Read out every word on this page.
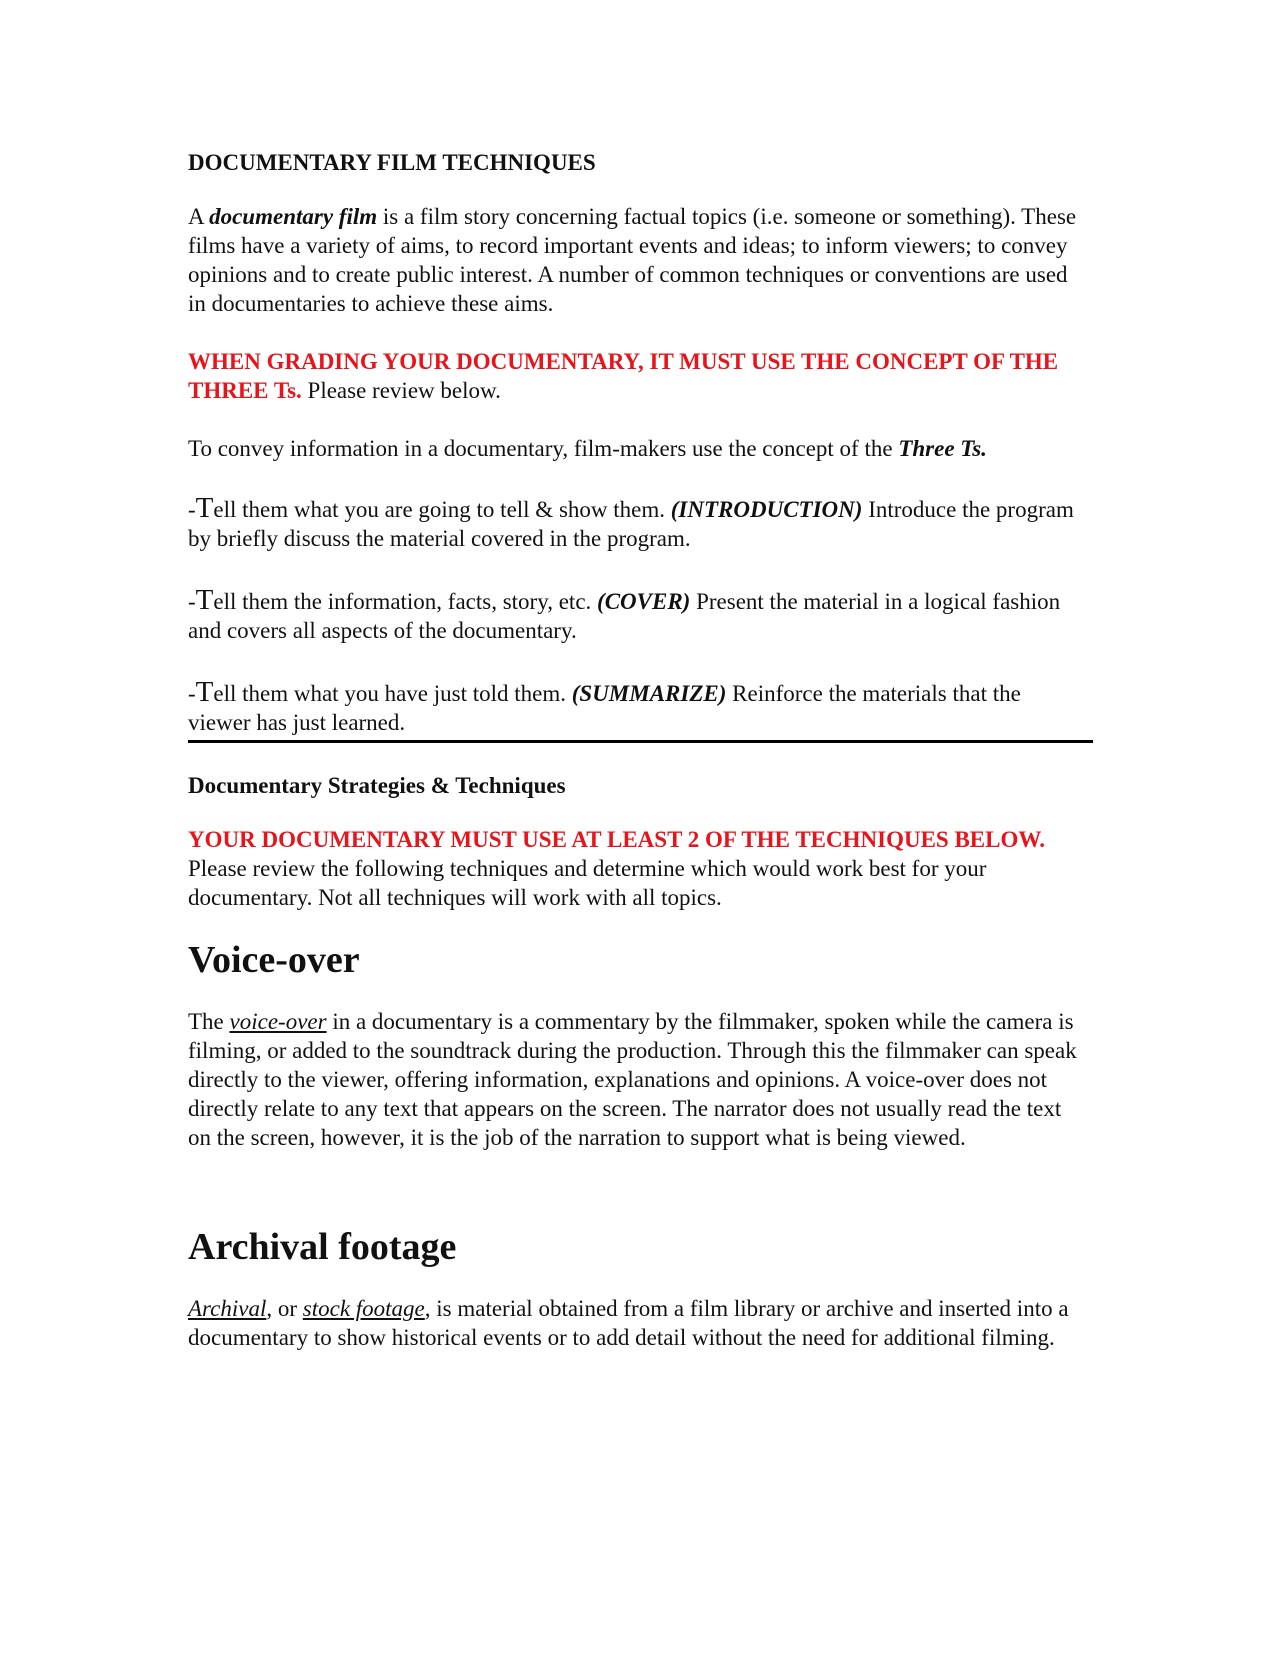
DOCUMENTARY FILM TECHNIQUES

A documentary film is a film story concerning factual topics (i.e. someone or something). These films have a variety of aims, to record important events and ideas; to inform viewers; to convey opinions and to create public interest. A number of common techniques or conventions are used in documentaries to achieve these aims.

WHEN GRADING YOUR DOCUMENTARY, IT MUST USE THE CONCEPT OF THE THREE Ts. Please review below.

To convey information in a documentary, film-makers use the concept of the Three Ts.

-Tell them what you are going to tell & show them. (INTRODUCTION) Introduce the program by briefly discuss the material covered in the program.

-Tell them the information, facts, story, etc. (COVER) Present the material in a logical fashion and covers all aspects of the documentary.

-Tell them what you have just told them. (SUMMARIZE) Reinforce the materials that the viewer has just learned.

Documentary Strategies & Techniques

YOUR DOCUMENTARY MUST USE AT LEAST 2 OF THE TECHNIQUES BELOW. Please review the following techniques and determine which would work best for your documentary. Not all techniques will work with all topics.

Voice-over

The voice-over in a documentary is a commentary by the filmmaker, spoken while the camera is filming, or added to the soundtrack during the production. Through this the filmmaker can speak directly to the viewer, offering information, explanations and opinions. A voice-over does not directly relate to any text that appears on the screen. The narrator does not usually read the text on the screen, however, it is the job of the narration to support what is being viewed.

Archival footage

Archival, or stock footage, is material obtained from a film library or archive and inserted into a documentary to show historical events or to add detail without the need for additional filming.
